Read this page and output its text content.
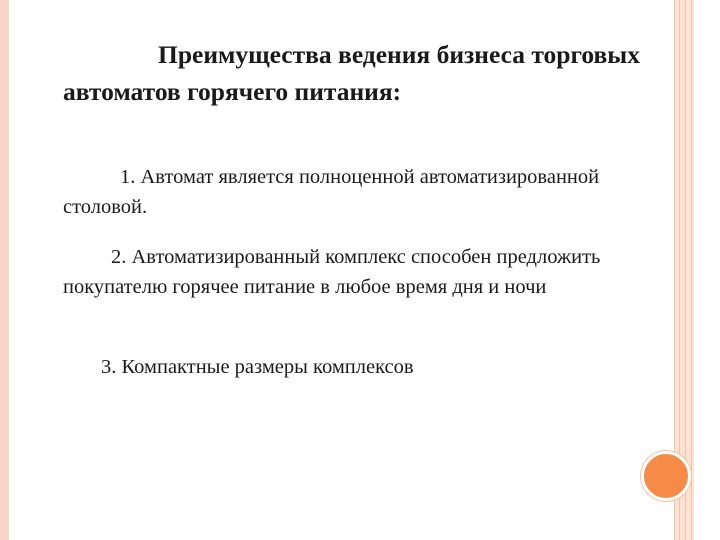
Преимущества ведения бизнеса торговых автоматов горячего питания:

1. Автомат является полноценной автоматизированной столовой.

2. Автоматизированный комплекс способен предложить покупателю горячее питание в любое время дня и ночи

3. Компактные размеры комплексов
